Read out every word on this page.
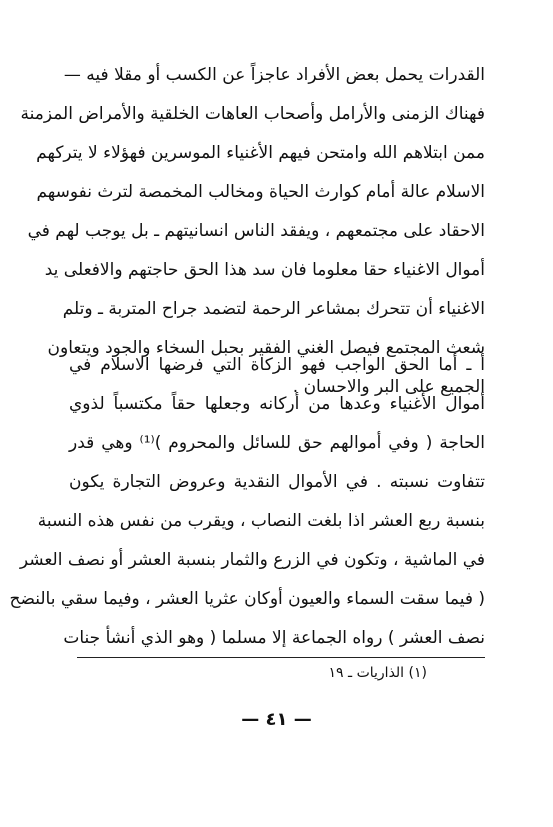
القدرات يحمل بعض الأفراد عاجزاً عن الكسب أو مقلا فيه —
فهناك الزمنى والأرامل وأصحاب العاهات الخلقية والأمراض المزمنة
ممن ابتلاهم الله وامتحن فيهم الأغنياء الموسرين فهؤلاء لا يتركهم
الاسلام عالة أمام كوارث الحياة ومخالب المخمصة لترث نفوسهم
الاحقاد على مجتمعهم ، ويفقد الناس انسانيتهم ـ بل يوجب لهم في
أموال الاغنياء حقا معلوما فان سد هذا الحق حاجتهم والافعلى يد
الاغنياء أن تتحرك بمشاعر الرحمة لتضمد جراح المتربة ـ وتلم
شعث المجتمع فيصل الغني الفقير بحبل السخاء والجود ويتعاون
الجميع على البر والاحسان .
أ ـ أما الحق الواجب فهو الزكاة التي فرضها الاسلام في
أموال الأغنياء وعدها من أركانه وجعلها حقاً مكتسباً لذوي
الحاجة ( وفي أموالهم حق للسائل والمحروم )⁽¹⁾ وهي قدر
تتفاوت نسبته . في الأموال النقدية وعروض التجارة يكون
بنسبة ربع العشر اذا بلغت النصاب ، ويقرب من نفس هذه النسبة
في الماشية ، وتكون في الزرع والثمار بنسبة العشر أو نصف العشر
( فيما سقت السماء والعيون أوكان عثريا العشر ، وفيما سقي بالنضح
نصف العشر ) رواه الجماعة إلا مسلما ( وهو الذي أنشأ جنات
(١) الذاريات ـ ١٩
— ٤١ —
